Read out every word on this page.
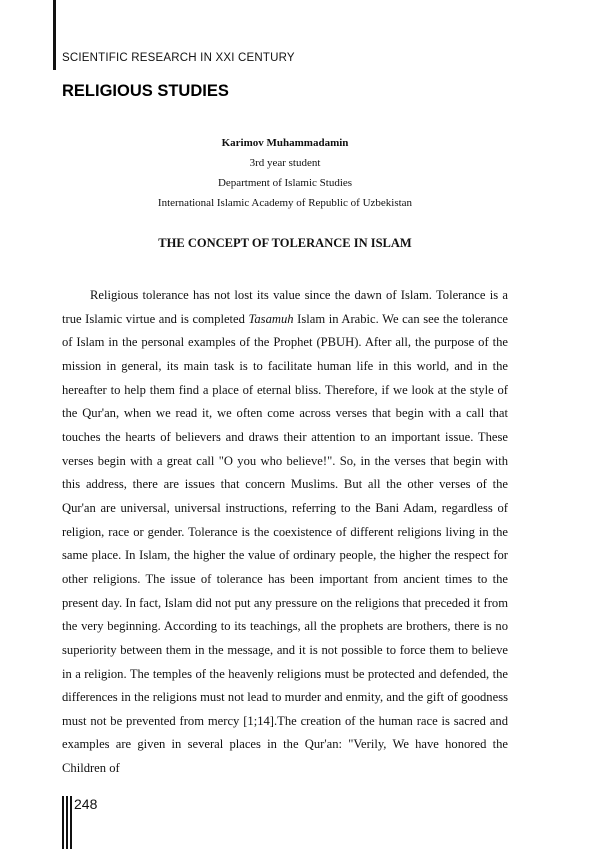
SCIENTIFIC RESEARCH IN XXI CENTURY
RELIGIOUS STUDIES
Karimov Muhammadamin
3rd year student
Department of Islamic Studies
International Islamic Academy of Republic of Uzbekistan
THE CONCEPT OF TOLERANCE IN ISLAM

Religious tolerance has not lost its value since the dawn of Islam. Tolerance is a true Islamic virtue and is completed Tasamuh Islam in Arabic. We can see the tolerance of Islam in the personal examples of the Prophet (PBUH). After all, the purpose of the mission in general, its main task is to facilitate human life in this world, and in the hereafter to help them find a place of eternal bliss. Therefore, if we look at the style of the Qur'an, when we read it, we often come across verses that begin with a call that touches the hearts of believers and draws their attention to an important issue. These verses begin with a great call "O you who believe!". So, in the verses that begin with this address, there are issues that concern Muslims. But all the other verses of the Qur'an are universal, universal instructions, referring to the Bani Adam, regardless of religion, race or gender. Tolerance is the coexistence of different religions living in the same place. In Islam, the higher the value of ordinary people, the higher the respect for other religions. The issue of tolerance has been important from ancient times to the present day. In fact, Islam did not put any pressure on the religions that preceded it from the very beginning. According to its teachings, all the prophets are brothers, there is no superiority between them in the message, and it is not possible to force them to believe in a religion. The temples of the heavenly religions must be protected and defended, the differences in the religions must not lead to murder and enmity, and the gift of goodness must not be prevented from mercy [1;14].The creation of the human race is sacred and examples are given in several places in the Qur'an: "Verily, We have honored the Children of

248
